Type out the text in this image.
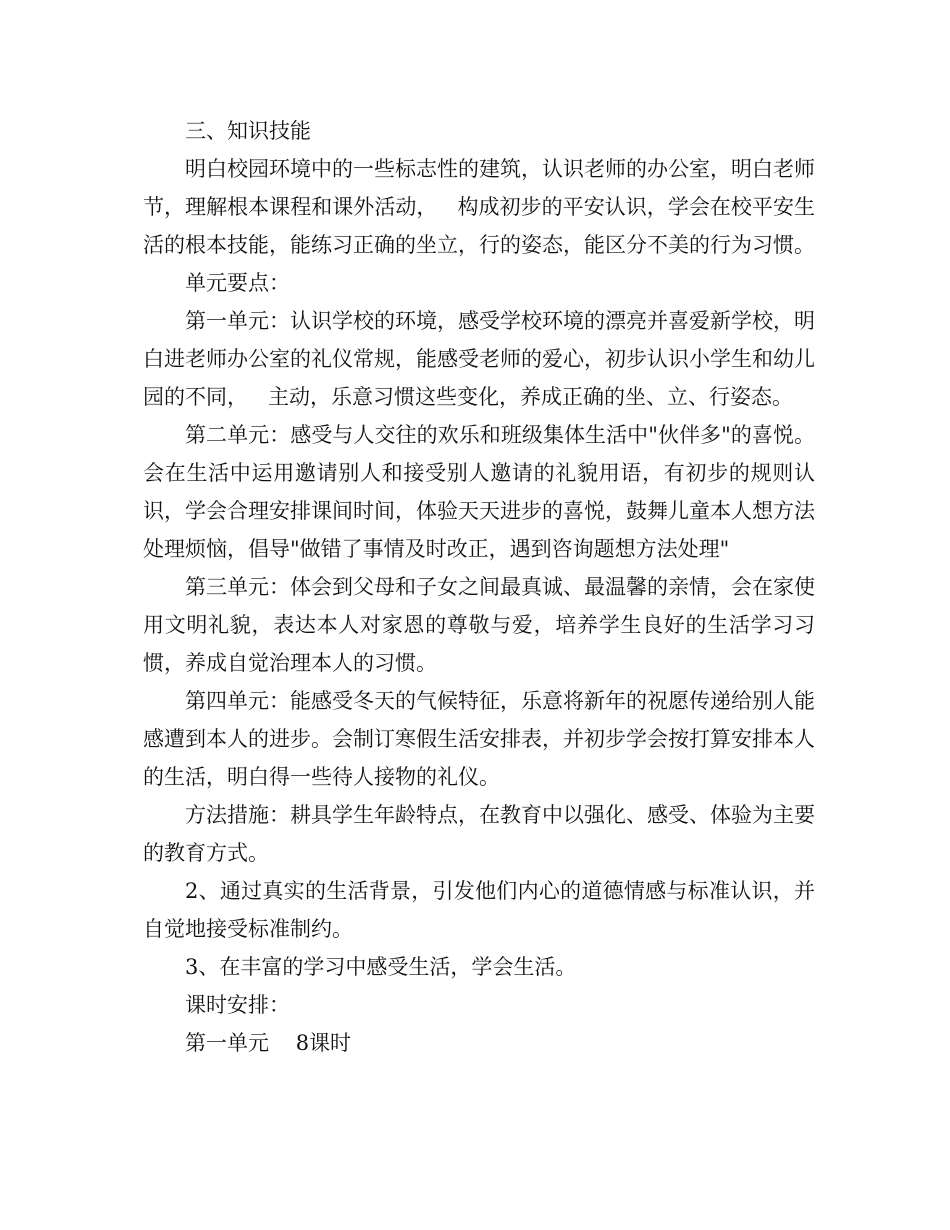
三、知识技能

明白校园环境中的一些标志性的建筑，认识老师的办公室，明白老师节，理解根本课程和课外活动，   构成初步的平安认识，学会在校平安生活的根本技能，能练习正确的坐立，行的姿态，能区分不美的行为习惯。

单元要点：

第一单元：认识学校的环境，感受学校环境的漂亮并喜爱新学校，明白进老师办公室的礼仪常规，能感受老师的爱心，初步认识小学生和幼儿园的不同，   主动，乐意习惯这些变化，养成正确的坐、立、行姿态。

第二单元：感受与人交往的欢乐和班级集体生活中"伙伴多"的喜悦。会在生活中运用邀请别人和接受别人邀请的礼貌用语，有初步的规则认识，学会合理安排课间时间，体验天天进步的喜悦，鼓舞儿童本人想方法处理烦恼，倡导"做错了事情及时改正，遇到咨询题想方法处理"

第三单元：体会到父母和子女之间最真诚、最温馨的亲情，会在家使用文明礼貌，表达本人对家恩的尊敬与爱，培养学生良好的生活学习习惯，养成自觉治理本人的习惯。

第四单元：能感受冬天的气候特征，乐意将新年的祝愿传递给别人能感遭到本人的进步。会制订寒假生活安排表，并初步学会按打算安排本人的生活，明白得一些待人接物的礼仪。

方法措施：耕具学生年龄特点，在教育中以强化、感受、体验为主要的教育方式。

2、通过真实的生活背景，引发他们内心的道德情感与标准认识，并自觉地接受标准制约。

3、在丰富的学习中感受生活，学会生活。

课时安排：

第一单元    8课时
